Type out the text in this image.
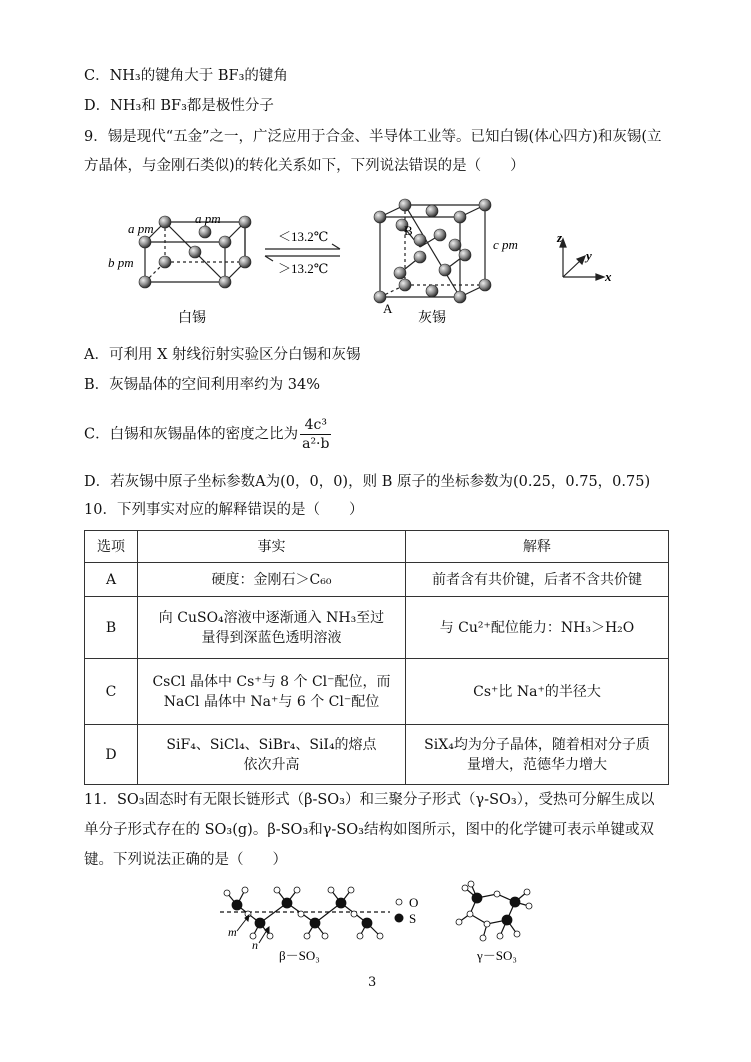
C．NH₃的键角大于 BF₃的键角
D．NH₃和 BF₃都是极性分子
9．锡是现代“五金”之一，广泛应用于合金、半导体工业等。已知白锡(体心四方)和灰锡(立
方晶体，与金刚石类似)的转化关系如下，下列说法错误的是（　　）
a pm
a pm
b pm
白锡
＜13.2℃
＞13.2℃
B
A
c pm
灰锡
z
y
x
A．可利用 X 射线衍射实验区分白锡和灰锡
B．灰锡晶体的空间利用率约为 34%
C．白锡和灰锡晶体的密度之比为 $\frac{\text{4c³}}{\text{a²·b}}$
D．若灰锡中原子坐标参数A为(0，0，0)，则 B 原子的坐标参数为(0.25，0.75，0.75)
10．下列事实对应的解释错误的是（　　）
选项	事实	解释
A	硬度：金刚石＞C₆₀	前者含有共价键，后者不含共价键
B	向 CuSO₄溶液中逐渐通入 NH₃至过量得到深蓝色透明溶液	与 Cu²⁺配位能力：NH₃＞H₂O
C	CsCl 晶体中 Cs⁺与 8 个 Cl⁻配位，而 NaCl 晶体中 Na⁺与 6 个 Cl⁻配位	Cs⁺比 Na⁺的半径大
D	SiF₄、SiCl₄、SiBr₄、SiI₄的熔点依次升高	SiX₄均为分子晶体，随着相对分子质量增大，范德华力增大
11．SO₃固态时有无限长链形式（β-SO₃）和三聚分子形式（γ-SO₃），受热可分解生成以
单分子形式存在的 SO₃(g)。β-SO₃和γ-SO₃结构如图所示，图中的化学键可表示单键或双
键。下列说法正确的是（　　）
m
n
β－SO₃
O
S
γ－SO₃
3
